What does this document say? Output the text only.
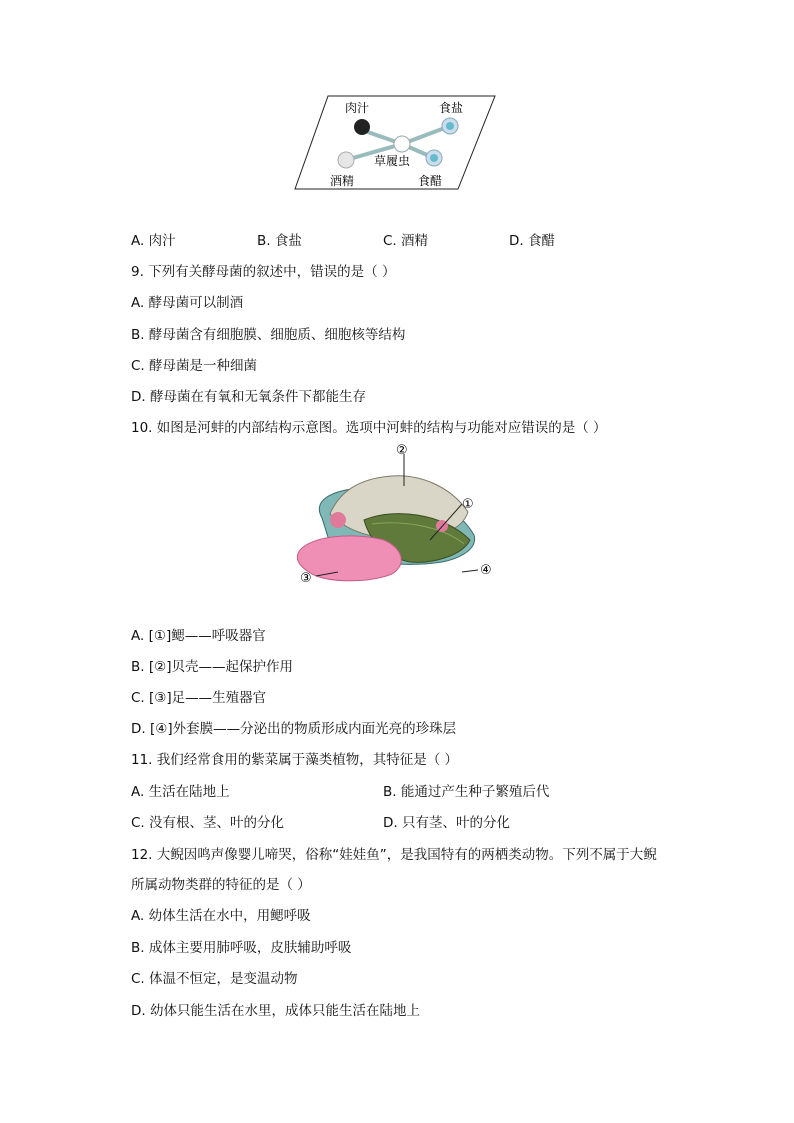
肉汁	食盐
草履虫
酒精	食醋
A. 肉汁	B. 食盐	C. 酒精	D. 食醋
9. 下列有关酵母菌的叙述中，错误的是（ ）
A. 酵母菌可以制酒
B. 酵母菌含有细胞膜、细胞质、细胞核等结构
C. 酵母菌是一种细菌
D. 酵母菌在有氧和无氧条件下都能生存
10. 如图是河蚌的内部结构示意图。选项中河蚌的结构与功能对应错误的是（ ）
②
①
③
④
A. [①]鳃——呼吸器官
B. [②]贝壳——起保护作用
C. [③]足——生殖器官
D. [④]外套膜——分泌出的物质形成内面光亮的珍珠层
11. 我们经常食用的紫菜属于藻类植物，其特征是（ ）
A. 生活在陆地上	B. 能通过产生种子繁殖后代
C. 没有根、茎、叶的分化	D. 只有茎、叶的分化
12. 大鲵因鸣声像婴儿啼哭，俗称“娃娃鱼”，是我国特有的两栖类动物。下列不属于大鲵
所属动物类群的特征的是（ ）
A. 幼体生活在水中，用鳃呼吸
B. 成体主要用肺呼吸，皮肤辅助呼吸
C. 体温不恒定，是变温动物
D. 幼体只能生活在水里，成体只能生活在陆地上
